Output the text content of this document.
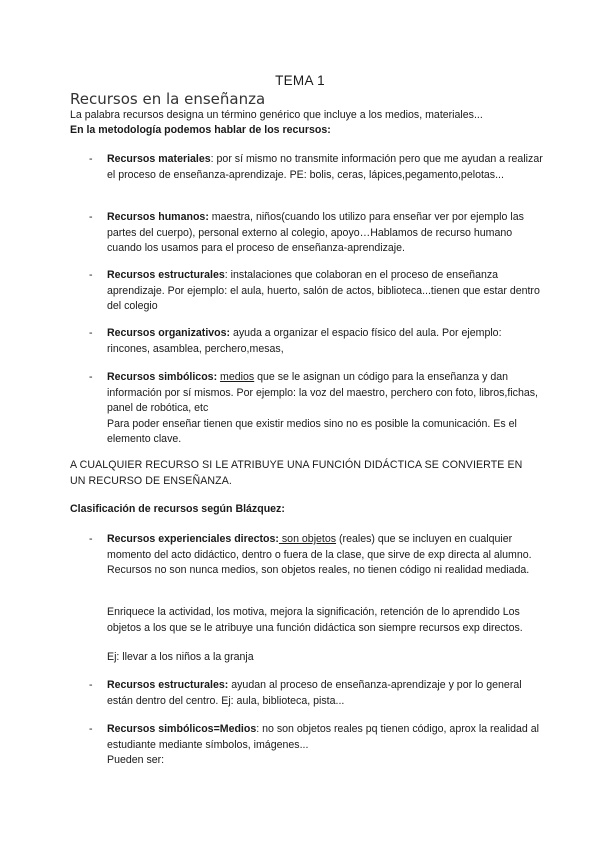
TEMA 1
Recursos en la enseñanza
La palabra recursos designa un término genérico que incluye a los medios, materiales...
En la metodología podemos hablar de los recursos:
- Recursos materiales: por sí mismo no transmite información pero que me ayudan a realizar el proceso de enseñanza-aprendizaje. PE: bolis, ceras, lápices,pegamento,pelotas...
- Recursos humanos: maestra, niños(cuando los utilizo para enseñar ver por ejemplo las partes del cuerpo), personal externo al colegio, apoyo…Hablamos de recurso humano cuando los usamos para el proceso de enseñanza-aprendizaje.
- Recursos estructurales: instalaciones que colaboran en el proceso de enseñanza aprendizaje. Por ejemplo: el aula, huerto, salón de actos, biblioteca...tienen que estar dentro del colegio
- Recursos organizativos: ayuda a organizar el espacio físico del aula. Por ejemplo: rincones, asamblea, perchero,mesas,
- Recursos simbólicos: medios que se le asignan un código para la enseñanza y dan información por sí mismos. Por ejemplo: la voz del maestro, perchero con foto, libros,fichas, panel de robótica, etc
Para poder enseñar tienen que existir medios sino no es posible la comunicación. Es el elemento clave.
A CUALQUIER RECURSO SI LE ATRIBUYE UNA FUNCIÓN DIDÁCTICA SE CONVIERTE EN UN RECURSO DE ENSEÑANZA.
Clasificación de recursos según Blázquez:
- Recursos experienciales directos: son objetos (reales) que se incluyen en cualquier momento del acto didáctico, dentro o fuera de la clase, que sirve de exp directa al alumno. Recursos no son nunca medios, son objetos reales, no tienen código ni realidad mediada.
Enriquece la actividad, los motiva, mejora la significación, retención de lo aprendido Los objetos a los que se le atribuye una función didáctica son siempre recursos exp directos.
Ej: llevar a los niños a la granja
- Recursos estructurales: ayudan al proceso de enseñanza-aprendizaje y por lo general están dentro del centro. Ej: aula, biblioteca, pista...
- Recursos simbólicos=Medios: no son objetos reales pq tienen código, aprox la realidad al estudiante mediante símbolos, imágenes...
Pueden ser:
